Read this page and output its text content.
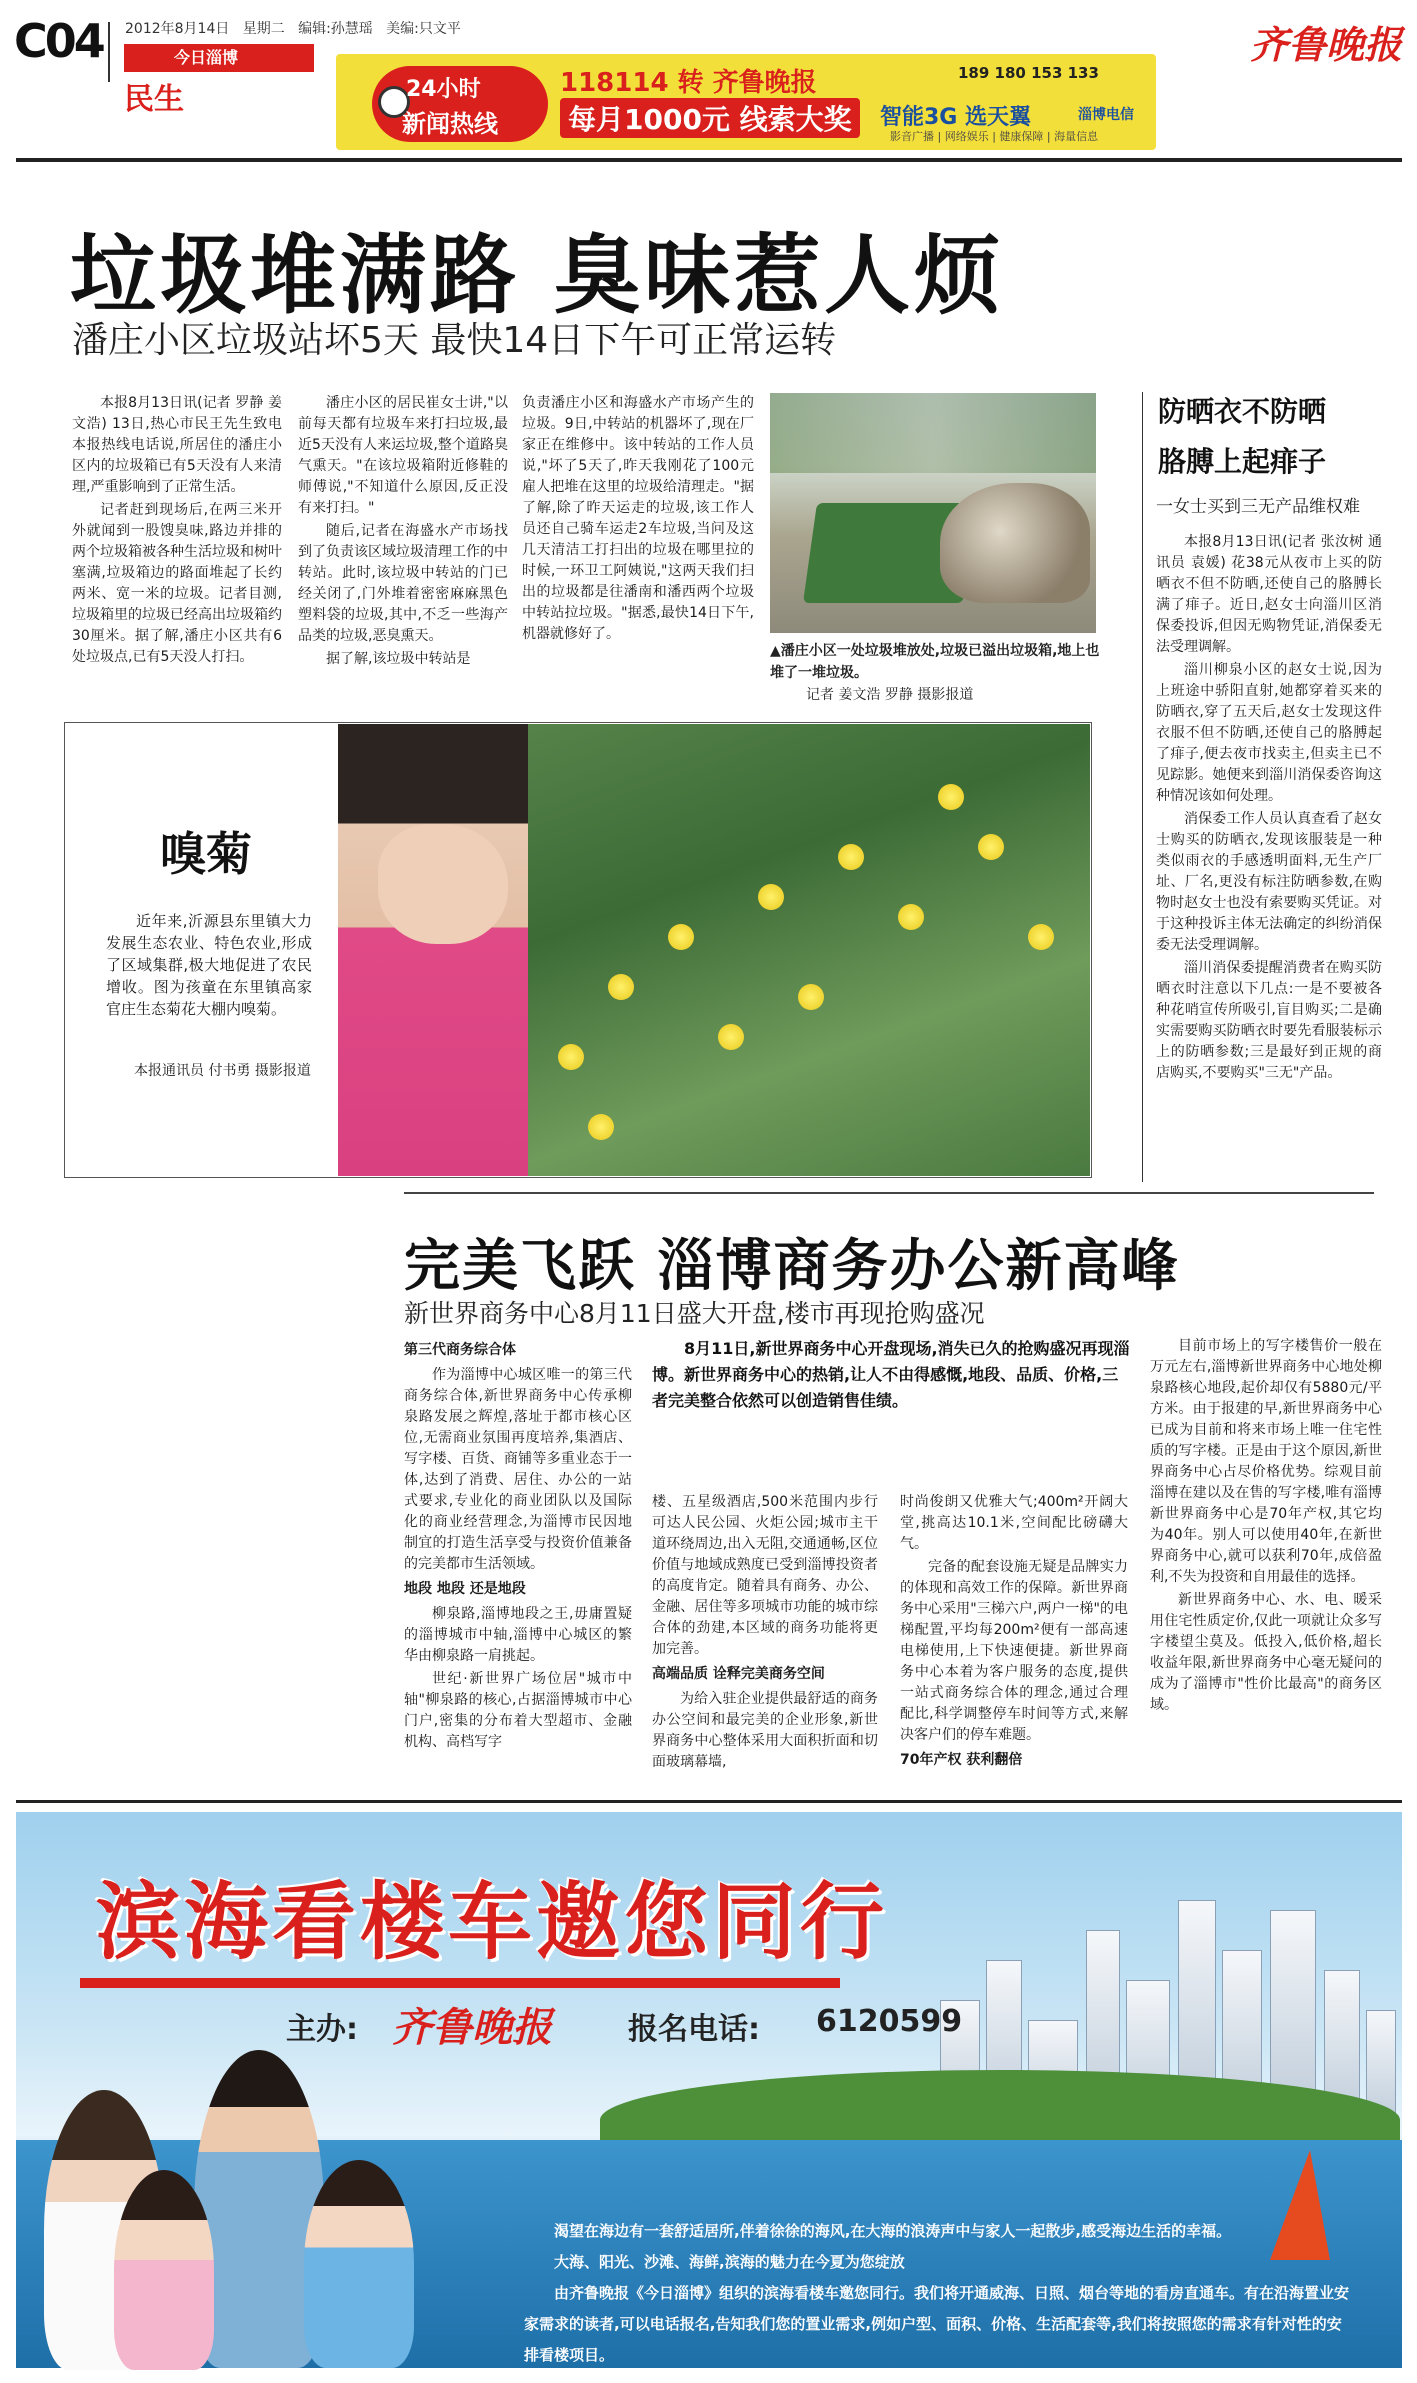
C04 2012年8月14日 星期二 编辑:孙慧瑶 美编:只文平
今日淄博
民生	24小时
新闻热线
118114 转 齐鲁晚报
每月1000元 线索大奖
189 180 153 133
智能3G 选天翼	淄博电信
影音广播 | 网络娱乐 | 健康保障 | 海量信息
齐鲁晚报
垃圾堆满路 臭味惹人烦
潘庄小区垃圾站坏5天 最快14日下午可正常运转

本报8月13日讯(记者 罗静 姜文浩) 13日,热心市民王先生致电本报热线电话说,所居住的潘庄小区内的垃圾箱已有5天没有人来清理,严重影响到了正常生活。

记者赶到现场后,在两三米开外就闻到一股馊臭味,路边并排的两个垃圾箱被各种生活垃圾和树叶塞满,垃圾箱边的路面堆起了长约两米、宽一米的垃圾。记者目测,垃圾箱里的垃圾已经高出垃圾箱约30厘米。据了解,潘庄小区共有6处垃圾点,已有5天没人打扫。

潘庄小区的居民崔女士讲,"以前每天都有垃圾车来打扫垃圾,最近5天没有人来运垃圾,整个道路臭气熏天。"在该垃圾箱附近修鞋的师傅说,"不知道什么原因,反正没有来打扫。"

随后,记者在海盛水产市场找到了负责该区域垃圾清理工作的中转站。此时,该垃圾中转站的门已经关闭了,门外堆着密密麻麻黑色塑料袋的垃圾,其中,不乏一些海产品类的垃圾,恶臭熏天。

据了解,该垃圾中转站是

负责潘庄小区和海盛水产市场产生的垃圾。9日,中转站的机器坏了,现在厂家正在维修中。该中转站的工作人员说,"坏了5天了,昨天我刚花了100元雇人把堆在这里的垃圾给清理走。"据了解,除了昨天运走的垃圾,该工作人员还自己骑车运走2车垃圾,当问及这几天清洁工打扫出的垃圾在哪里拉的时候,一环卫工阿姨说,"这两天我们扫出的垃圾都是往潘南和潘西两个垃圾中转站拉垃圾。"据悉,最快14日下午,机器就修好了。

▲潘庄小区一处垃圾堆放处,垃圾已溢出垃圾箱,地上也堆了一堆垃圾。
记者 姜文浩 罗静 摄影报道
防晒衣不防晒
胳膊上起痱子
一女士买到三无产品维权难

本报8月13日讯(记者 张汝树 通讯员 袁媛) 花38元从夜市上买的防晒衣不但不防晒,还使自己的胳膊长满了痱子。近日,赵女士向淄川区消保委投诉,但因无购物凭证,消保委无法受理调解。

淄川柳泉小区的赵女士说,因为上班途中骄阳直射,她都穿着买来的防晒衣,穿了五天后,赵女士发现这件衣服不但不防晒,还使自己的胳膊起了痱子,便去夜市找卖主,但卖主已不见踪影。她便来到淄川消保委咨询这种情况该如何处理。

消保委工作人员认真查看了赵女士购买的防晒衣,发现该服装是一种类似雨衣的手感透明面料,无生产厂址、厂名,更没有标注防晒参数,在购物时赵女士也没有索要购买凭证。对于这种投诉主体无法确定的纠纷消保委无法受理调解。

淄川消保委提醒消费者在购买防晒衣时注意以下几点:一是不要被各种花哨宣传所吸引,盲目购买;二是确实需要购买防晒衣时要先看服装标示上的防晒参数;三是最好到正规的商店购买,不要购买"三无"产品。

嗅菊

近年来,沂源县东里镇大力发展生态农业、特色农业,形成了区域集群,极大地促进了农民增收。图为孩童在东里镇高家官庄生态菊花大棚内嗅菊。

本报通讯员 付书勇 摄影报道
完美飞跃 淄博商务办公新高峰
新世界商务中心8月11日盛大开盘,楼市再现抢购盛况
8月11日,新世界商务中心开盘现场,消失已久的抢购盛况再现淄博。新世界商务中心的热销,让人不由得感慨,地段、品质、价格,三者完美整合依然可以创造销售佳绩。
第三代商务综合体

作为淄博中心城区唯一的第三代商务综合体,新世界商务中心传承柳泉路发展之辉煌,落址于都市核心区位,无需商业氛围再度培养,集酒店、写字楼、百货、商铺等多重业态于一体,达到了消费、居住、办公的一站式要求,专业化的商业团队以及国际化的商业经营理念,为淄博市民因地制宜的打造生活享受与投资价值兼备的完美都市生活领域。

地段 地段 还是地段

柳泉路,淄博地段之王,毋庸置疑的淄博城市中轴,淄博中心城区的繁华由柳泉路一肩挑起。

世纪·新世界广场位居"城市中轴"柳泉路的核心,占据淄博城市中心门户,密集的分布着大型超市、金融机构、高档写字

楼、五星级酒店,500米范围内步行可达人民公园、火炬公园;城市主干道环绕周边,出入无阻,交通通畅,区位价值与地域成熟度已受到淄博投资者的高度肯定。随着具有商务、办公、金融、居住等多项城市功能的城市综合体的劲建,本区域的商务功能将更加完善。

高端品质 诠释完美商务空间

为给入驻企业提供最舒适的商务办公空间和最完美的企业形象,新世界商务中心整体采用大面积折面和切面玻璃幕墙,

时尚俊朗又优雅大气;400m²开阔大堂,挑高达10.1米,空间配比磅礴大气。

完备的配套设施无疑是品牌实力的体现和高效工作的保障。新世界商务中心采用"三梯六户,两户一梯"的电梯配置,平均每200m²便有一部高速电梯使用,上下快速便捷。新世界商务中心本着为客户服务的态度,提供一站式商务综合体的理念,通过合理配比,科学调整停车时间等方式,来解决客户们的停车难题。

70年产权 获利翻倍

目前市场上的写字楼售价一般在万元左右,淄博新世界商务中心地处柳泉路核心地段,起价却仅有5880元/平方米。由于报建的早,新世界商务中心已成为目前和将来市场上唯一住宅性质的写字楼。正是由于这个原因,新世界商务中心占尽价格优势。综观目前淄博在建以及在售的写字楼,唯有淄博新世界商务中心是70年产权,其它均为40年。别人可以使用40年,在新世界商务中心,就可以获利70年,成倍盈利,不失为投资和自用最佳的选择。

新世界商务中心、水、电、暖采用住宅性质定价,仅此一项就让众多写字楼望尘莫及。低投入,低价格,超长收益年限,新世界商务中心毫无疑问的成为了淄博市"性价比最高"的商务区域。

滨海看楼车邀您同行
主办: 齐鲁晚报	报名电话: 6120599
渴望在海边有一套舒适居所,伴着徐徐的海风,在大海的浪涛声中与家人一起散步,感受海边生活的幸福。
大海、阳光、沙滩、海鲜,滨海的魅力在今夏为您绽放
由齐鲁晚报《今日淄博》组织的滨海看楼车邀您同行。我们将开通威海、日照、烟台等地的看房直通车。有在沿海置业安家需求的读者,可以电话报名,告知我们您的置业需求,例如户型、面积、价格、生活配套等,我们将按照您的需求有针对性的安排看楼项目。
